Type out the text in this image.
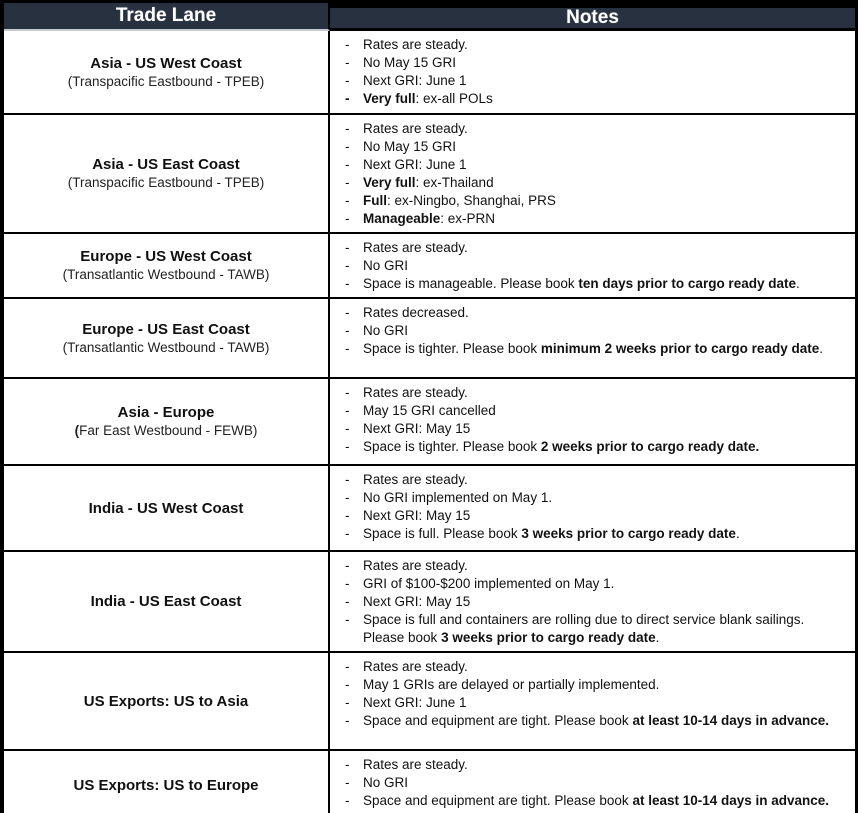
Trade Lane	Notes
Asia - US West Coast
(Transpacific Eastbound - TPEB)
-	Rates are steady.
-	No May 15 GRI
-	Next GRI: June 1
-	Very full: ex-all POLs
Asia - US East Coast
(Transpacific Eastbound - TPEB)
-	Rates are steady.
-	No May 15 GRI
-	Next GRI: June 1
-	Very full: ex-Thailand
-	Full: ex-Ningbo, Shanghai, PRS
-	Manageable: ex-PRN
Europe - US West Coast
(Transatlantic Westbound - TAWB)
-	Rates are steady.
-	No GRI
-	Space is manageable. Please book ten days prior to cargo ready date.
Europe - US East Coast
(Transatlantic Westbound - TAWB)
-	Rates decreased.
-	No GRI
-	Space is tighter. Please book minimum 2 weeks prior to cargo ready date.
Asia - Europe
(Far East Westbound - FEWB)
-	Rates are steady.
-	May 15 GRI cancelled
-	Next GRI: May 15
-	Space is tighter. Please book 2 weeks prior to cargo ready date.
India - US West Coast
-	Rates are steady.
-	No GRI implemented on May 1.
-	Next GRI: May 15
-	Space is full. Please book 3 weeks prior to cargo ready date.
India - US East Coast
-	Rates are steady.
-	GRI of $100-$200 implemented on May 1.
-	Next GRI: May 15
-	Space is full and containers are rolling due to direct service blank sailings. Please book 3 weeks prior to cargo ready date.
US Exports: US to Asia
-	Rates are steady.
-	May 1 GRIs are delayed or partially implemented.
-	Next GRI: June 1
-	Space and equipment are tight. Please book at least 10-14 days in advance.
US Exports: US to Europe
-	Rates are steady.
-	No GRI
-	Space and equipment are tight. Please book at least 10-14 days in advance.
